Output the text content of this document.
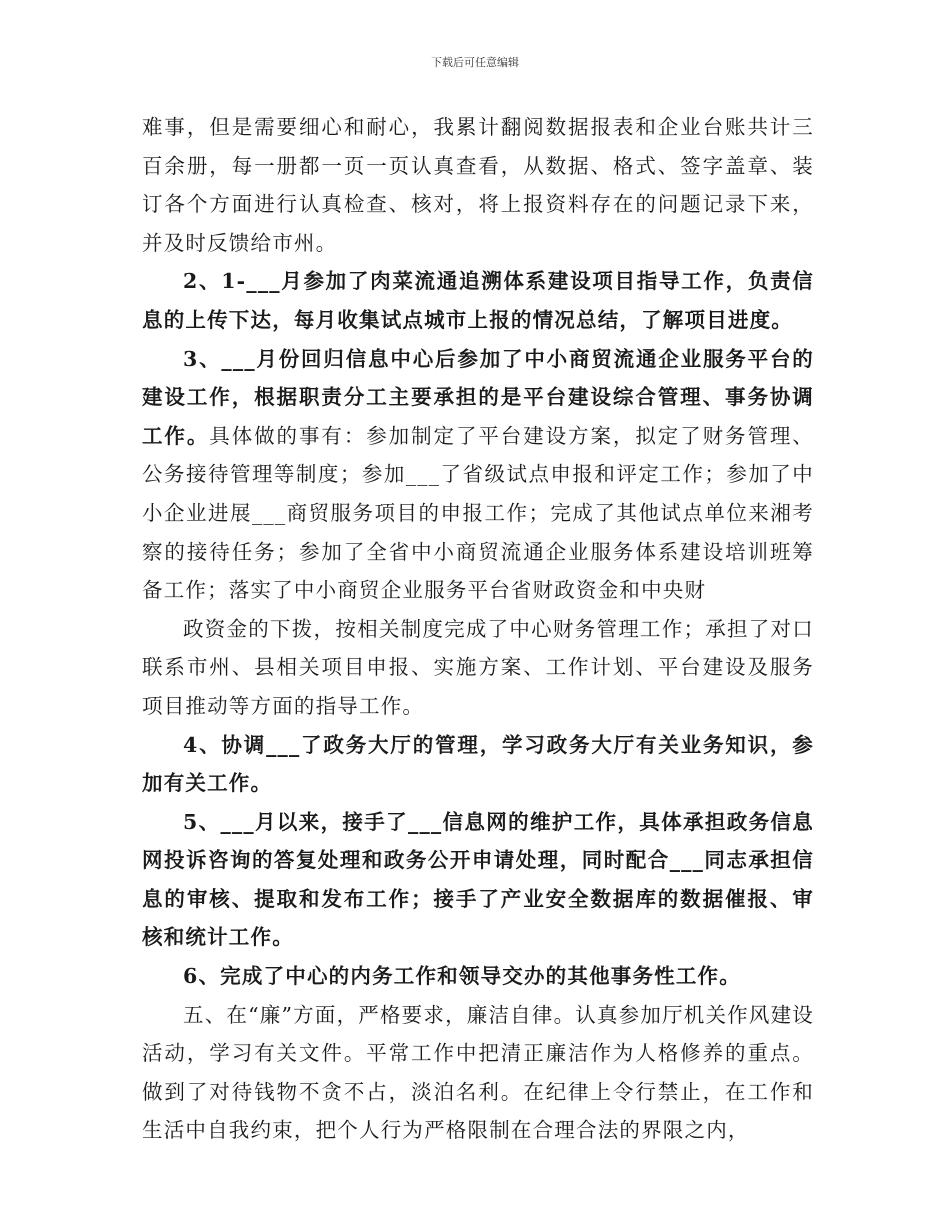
下载后可任意编辑

难事，但是需要细心和耐心，我累计翻阅数据报表和企业台账共计三百余册，每一册都一页一页认真查看，从数据、格式、签字盖章、装订各个方面进行认真检查、核对，将上报资料存在的问题记录下来，并及时反馈给市州。

2、1-___月参加了肉菜流通追溯体系建设项目指导工作，负责信息的上传下达，每月收集试点城市上报的情况总结，了解项目进度。

3、___月份回归信息中心后参加了中小商贸流通企业服务平台的建设工作，根据职责分工主要承担的是平台建设综合管理、事务协调工作。具体做的事有：参加制定了平台建设方案，拟定了财务管理、公务接待管理等制度；参加___了省级试点申报和评定工作；参加了中小企业进展___商贸服务项目的申报工作；完成了其他试点单位来湘考察的接待任务；参加了全省中小商贸流通企业服务体系建设培训班筹备工作；落实了中小商贸企业服务平台省财政资金和中央财

政资金的下拨，按相关制度完成了中心财务管理工作；承担了对口联系市州、县相关项目申报、实施方案、工作计划、平台建设及服务项目推动等方面的指导工作。

4、协调___了政务大厅的管理，学习政务大厅有关业务知识，参加有关工作。

5、___月以来，接手了___信息网的维护工作，具体承担政务信息网投诉咨询的答复处理和政务公开申请处理，同时配合___同志承担信息的审核、提取和发布工作；接手了产业安全数据库的数据催报、审核和统计工作。

6、完成了中心的内务工作和领导交办的其他事务性工作。

五、在“廉”方面，严格要求，廉洁自律。认真参加厅机关作风建设活动，学习有关文件。平常工作中把清正廉洁作为人格修养的重点。做到了对待钱物不贪不占，淡泊名利。在纪律上令行禁止，在工作和生活中自我约束，把个人行为严格限制在合理合法的界限之内，
